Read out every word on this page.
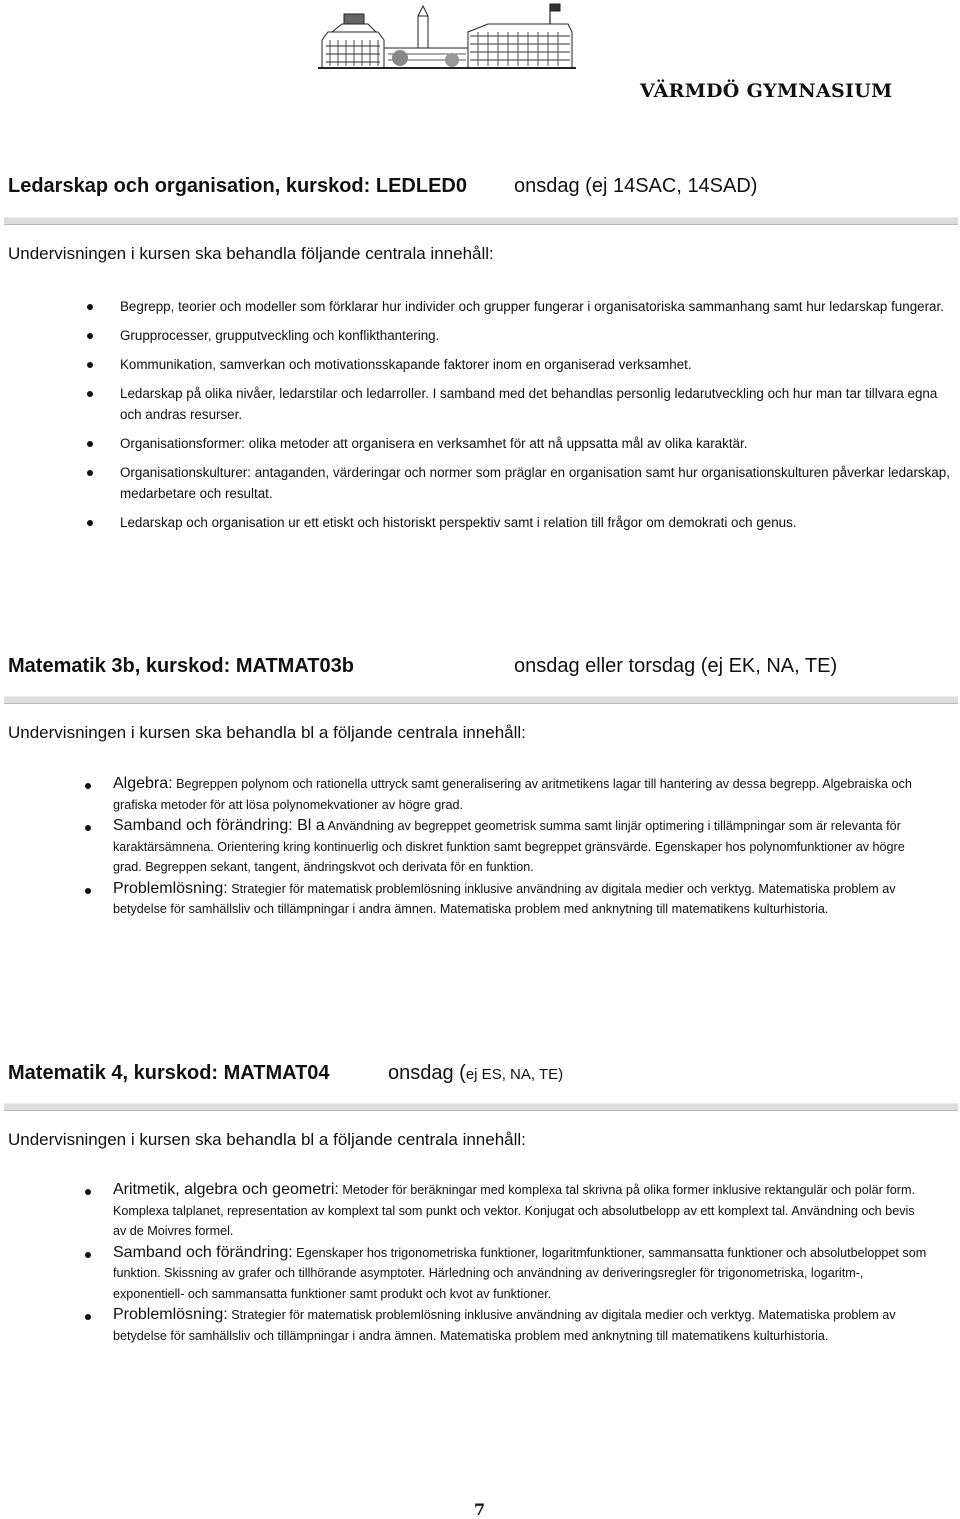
VÄRMDÖ GYMNASIUM
Ledarskap och organisation, kurskod: LEDLED0 onsdag (ej 14SAC, 14SAD)
Undervisningen i kursen ska behandla följande centrala innehåll:
Begrepp, teorier och modeller som förklarar hur individer och grupper fungerar i organisatoriska sammanhang samt hur ledarskap fungerar.
Grupprocesser, grupputveckling och konflikthantering.
Kommunikation, samverkan och motivationsskapande faktorer inom en organiserad verksamhet.
Ledarskap på olika nivåer, ledarstilar och ledarroller. I samband med det behandlas personlig ledarutveckling och hur man tar tillvara egna och andras resurser.
Organisationsformer: olika metoder att organisera en verksamhet för att nå uppsatta mål av olika karaktär.
Organisationskulturer: antaganden, värderingar och normer som präglar en organisation samt hur organisationskulturen påverkar ledarskap, medarbetare och resultat.
Ledarskap och organisation ur ett etiskt och historiskt perspektiv samt i relation till frågor om demokrati och genus.
Matematik 3b, kurskod: MATMAT03b	onsdag eller torsdag (ej EK, NA, TE)
Undervisningen i kursen ska behandla bl a följande centrala innehåll:
Algebra: Begreppen polynom och rationella uttryck samt generalisering av aritmetikens lagar till hantering av dessa begrepp. Algebraiska och grafiska metoder för att lösa polynomekvationer av högre grad.
Samband och förändring: Bl a Användning av begreppet geometrisk summa samt linjär optimering i tillämpningar som är relevanta för karaktärsämnena. Orientering kring kontinuerlig och diskret funktion samt begreppet gränsvärde. Egenskaper hos polynomfunktioner av högre grad. Begreppen sekant, tangent, ändringskvot och derivata för en funktion.
Problemlösning: Strategier för matematisk problemlösning inklusive användning av digitala medier och verktyg. Matematiska problem av betydelse för samhällsliv och tillämpningar i andra ämnen. Matematiska problem med anknytning till matematikens kulturhistoria.
Matematik 4, kurskod: MATMAT04	onsdag (ej ES, NA, TE)
Undervisningen i kursen ska behandla bl a följande centrala innehåll:
Aritmetik, algebra och geometri: Metoder för beräkningar med komplexa tal skrivna på olika former inklusive rektangulär och polär form. Komplexa talplanet, representation av komplext tal som punkt och vektor. Konjugat och absolutbelopp av ett komplext tal. Användning och bevis av de Moivres formel.
Samband och förändring: Egenskaper hos trigonometriska funktioner, logaritmfunktioner, sammansatta funktioner och absolutbeloppet som funktion. Skissning av grafer och tillhörande asymptoter. Härledning och användning av deriveringsregler för trigonometriska, logaritm-, exponentiell- och sammansatta funktioner samt produkt och kvot av funktioner.
Problemlösning: Strategier för matematisk problemlösning inklusive användning av digitala medier och verktyg. Matematiska problem av betydelse för samhällsliv och tillämpningar i andra ämnen. Matematiska problem med anknytning till matematikens kulturhistoria.
7
